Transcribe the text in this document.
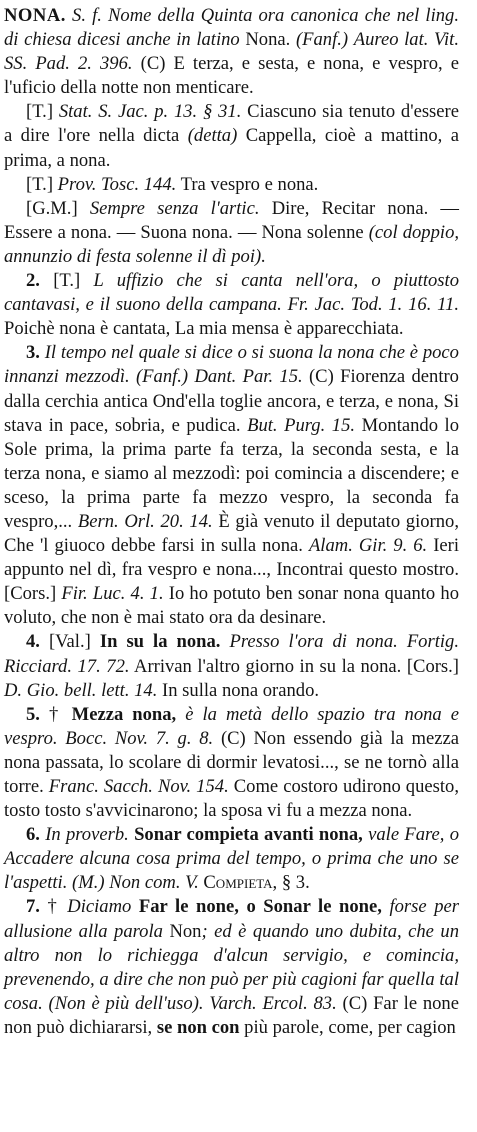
NONA. S. f. Nome della Quinta ora canonica che nel ling. di chiesa dicesi anche in latino Nona. (Fanf.) Aureo lat. Vit. SS. Pad. 2. 396. (C) E terza, e sesta, e nona, e vespro, e l'uficio della notte non menticare.

[T.] Stat. S. Jac. p. 13. § 31. Ciascuno sia tenuto d'essere a dire l'ore nella dicta (detta) Cappella, cioè a mattino, a prima, a nona.

[T.] Prov. Tosc. 144. Tra vespro e nona.

[G.M.] Sempre senza l'artic. Dire, Recitar nona. — Essere a nona. — Suona nona. — Nona solenne (col doppio, annunzio di festa solenne il dì poi).

2. [T.] L uffizio che si canta nell'ora, o piuttosto cantavasi, e il suono della campana. Fr. Jac. Tod. 1. 16. 11. Poichè nona è cantata, La mia mensa è apparecchiata.

3. Il tempo nel quale si dice o si suona la nona che è poco innanzi mezzodì. (Fanf.) Dant. Par. 15. (C) Fiorenza dentro dalla cerchia antica Ond'ella toglie ancora, e terza, e nona, Si stava in pace, sobria, e pudica. But. Purg. 15. Montando lo Sole prima, la prima parte fa terza, la seconda sesta, e la terza nona, e siamo al mezzodì: poi comincia a discendere; e sceso, la prima parte fa mezzo vespro, la seconda fa vespro,... Bern. Orl. 20. 14. È già venuto il deputato giorno, Che 'l giuoco debbe farsi in sulla nona. Alam. Gir. 9. 6. Ieri appunto nel dì, fra vespro e nona..., Incontrai questo mostro. [Cors.] Fir. Luc. 4. 1. Io ho potuto ben sonar nona quanto ho voluto, che non è mai stato ora da desinare.

4. [Val.] In su la nona. Presso l'ora di nona. Fortig. Ricciard. 17. 72. Arrivan l'altro giorno in su la nona. [Cors.] D. Gio. bell. lett. 14. In sulla nona orando.

5. † Mezza nona, è la metà dello spazio tra nona e vespro. Bocc. Nov. 7. g. 8. (C) Non essendo già la mezza nona passata, lo scolare di dormir levatosi..., se ne tornò alla torre. Franc. Sacch. Nov. 154. Come costoro udirono questo, tosto tosto s'avvicinarono; la sposa vi fu a mezza nona.

6. In proverb. Sonar compieta avanti nona, vale Fare, o Accadere alcuna cosa prima del tempo, o prima che uno se l'aspetti. (M.) Non com. V. Compieta, § 3.

7. † Diciamo Far le none, o Sonar le none, forse per allusione alla parola Non; ed è quando uno dubita, che un altro non lo richiegga d'alcun servigio, e comincia, prevenendo, a dire che non può per più cagioni far quella tal cosa. (Non è più dell'uso). Varch. Ercol. 83. (C) Far le none non può dichiararsi, se non con più parole, come, per cagion
